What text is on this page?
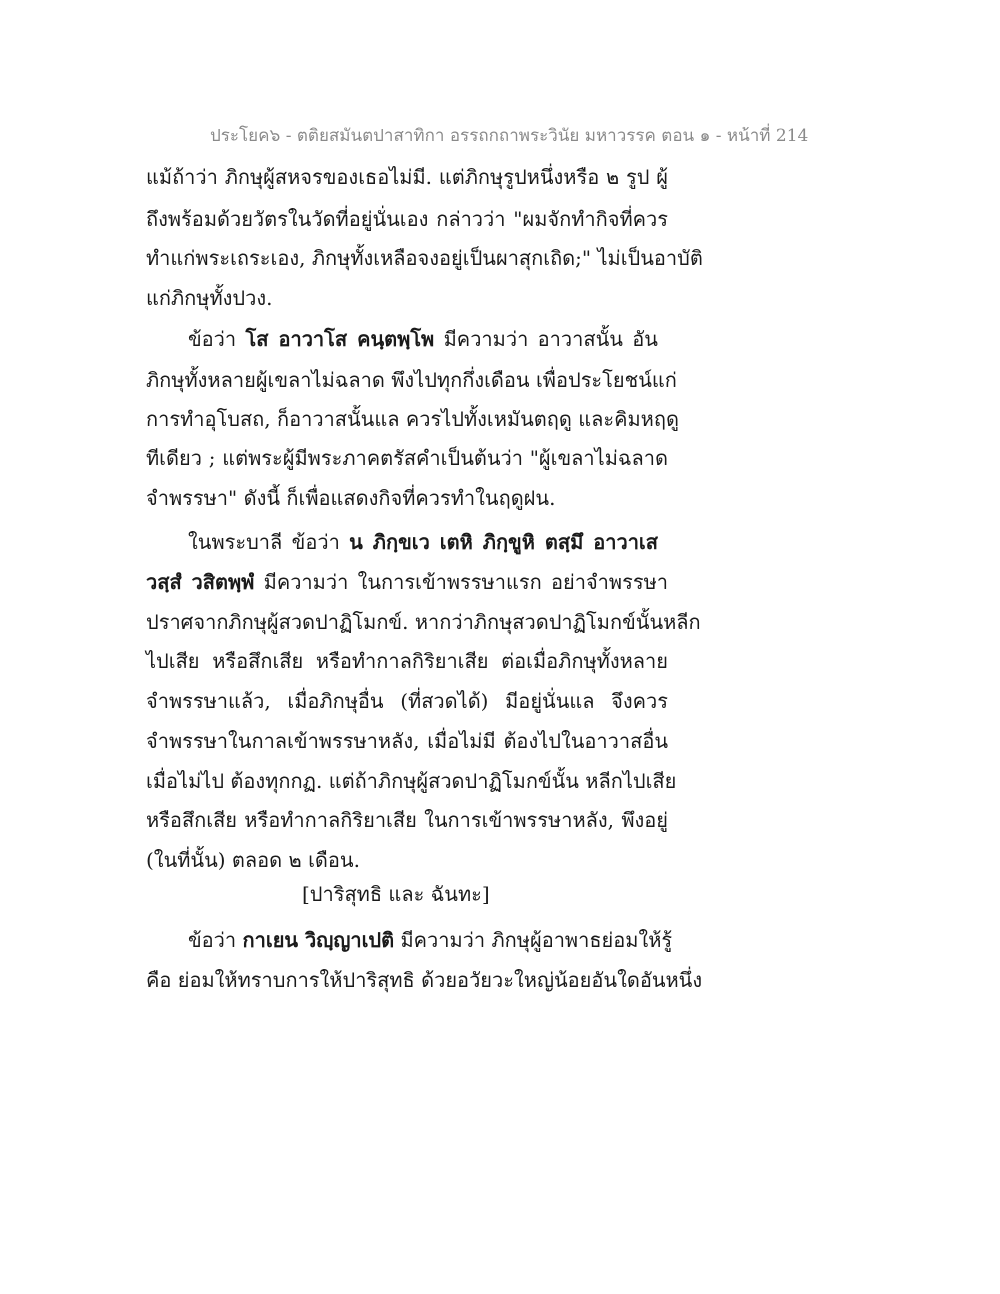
ประโยค๖ - ตติยสมันตปาสาทิกา อรรถกถาพระวินัย มหาวรรค ตอน ๑ - หน้าที่ 214
แม้ถ้าว่า ภิกษุผู้สหจรของเธอไม่มี. แต่ภิกษุรูปหนึ่งหรือ ๒ รูป ผู้
ถึงพร้อมด้วยวัตรในวัดที่อยู่นั่นเอง กล่าวว่า "ผมจักทำกิจที่ควร
ทำแก่พระเถระเอง, ภิกษุทั้งเหลือจงอยู่เป็นผาสุกเถิด;" ไม่เป็นอาบัติ
แก่ภิกษุทั้งปวง.
ข้อว่า โส อาวาโส คนฺตพฺโพ มีความว่า อาวาสนั้น อัน
ภิกษุทั้งหลายผู้เขลาไม่ฉลาด พึงไปทุกกึ่งเดือน เพื่อประโยชน์แก่
การทำอุโบสถ, ก็อาวาสนั้นแล ควรไปทั้งเหมันตฤดู และคิมหฤดู
ทีเดียว ; แต่พระผู้มีพระภาคตรัสคำเป็นต้นว่า "ผู้เขลาไม่ฉลาด
จำพรรษา" ดังนี้ ก็เพื่อแสดงกิจที่ควรทำในฤดูฝน.
ในพระบาลี ข้อว่า น ภิกฺขเว เตหิ ภิกฺขูหิ ตสฺมึ อาวาเส
วสฺสํ วสิตพฺพํ มีความว่า ในการเข้าพรรษาแรก อย่าจำพรรษา
ปราศจากภิกษุผู้สวดปาฏิโมกข์. หากว่าภิกษุสวดปาฏิโมกข์นั้นหลีก
ไปเสีย หรือสึกเสีย หรือทำกาลกิริยาเสีย ต่อเมื่อภิกษุทั้งหลาย
จำพรรษาแล้ว, เมื่อภิกษุอื่น (ที่สวดได้) มีอยู่นั่นแล จึงควร
จำพรรษาในกาลเข้าพรรษาหลัง, เมื่อไม่มี ต้องไปในอาวาสอื่น
เมื่อไม่ไป ต้องทุกกฏ. แต่ถ้าภิกษุผู้สวดปาฏิโมกข์นั้น หลีกไปเสีย
หรือสึกเสีย หรือทำกาลกิริยาเสีย ในการเข้าพรรษาหลัง, พึงอยู่
(ในที่นั้น) ตลอด ๒ เดือน.
[ปาริสุทธิ และ ฉันทะ]
ข้อว่า กาเยน วิญฺญาเปติ มีความว่า ภิกษุผู้อาพาธย่อมให้รู้
คือ ย่อมให้ทราบการให้ปาริสุทธิ ด้วยอวัยวะใหญ่น้อยอันใดอันหนึ่ง
